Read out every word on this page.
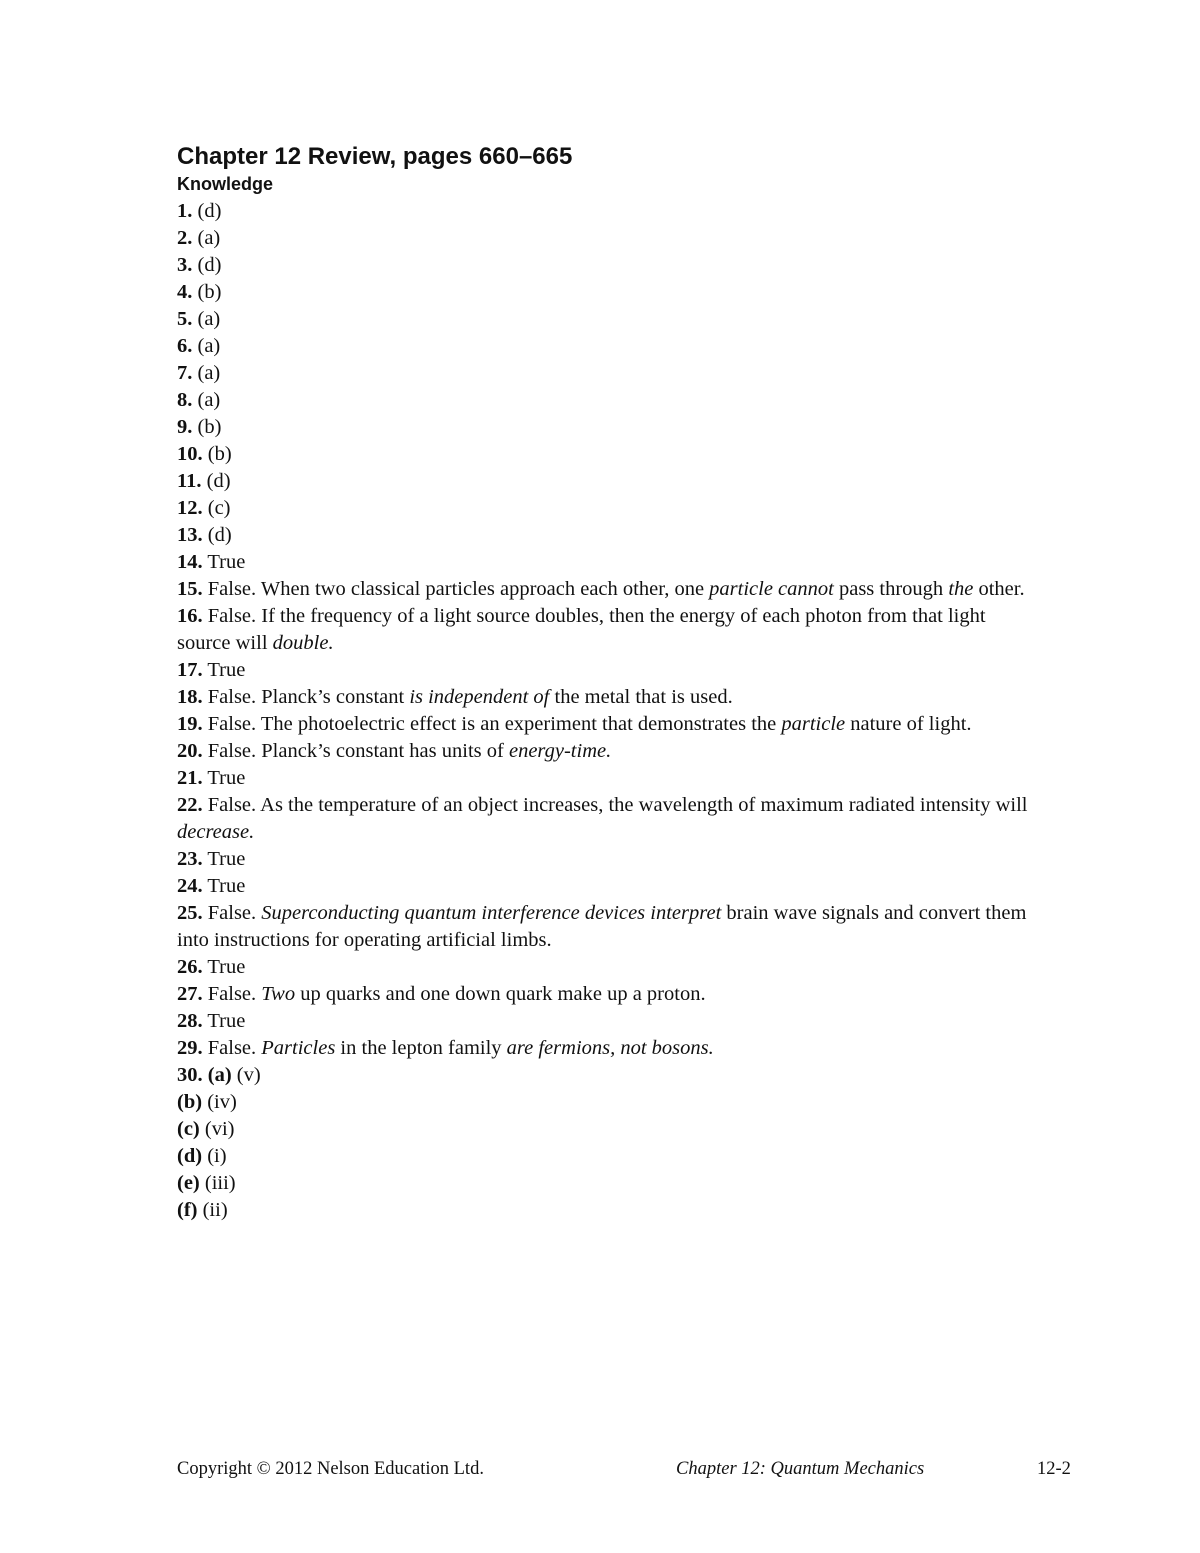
Chapter 12 Review, pages 660–665
Knowledge

1. (d)

2. (a)

3. (d)

4. (b)

5. (a)

6. (a)

7. (a)

8. (a)

9. (b)

10. (b)

11. (d)

12. (c)

13. (d)

14. True

15. False. When two classical particles approach each other, one particle cannot pass through the other.

16. False. If the frequency of a light source doubles, then the energy of each photon from that light source will double.

17. True

18. False. Planck’s constant is independent of the metal that is used.

19. False. The photoelectric effect is an experiment that demonstrates the particle nature of light.

20. False. Planck’s constant has units of energy-time.

21. True

22. False. As the temperature of an object increases, the wavelength of maximum radiated intensity will decrease.

23. True

24. True

25. False. Superconducting quantum interference devices interpret brain wave signals and convert them into instructions for operating artificial limbs.

26. True

27. False. Two up quarks and one down quark make up a proton.

28. True

29. False. Particles in the lepton family are fermions, not bosons.

30. (a) (v)

(b) (iv)

(c) (vi)

(d) (i)

(e) (iii)

(f) (ii)

Copyright © 2012 Nelson Education Ltd.	Chapter 12: Quantum Mechanics	12-2
